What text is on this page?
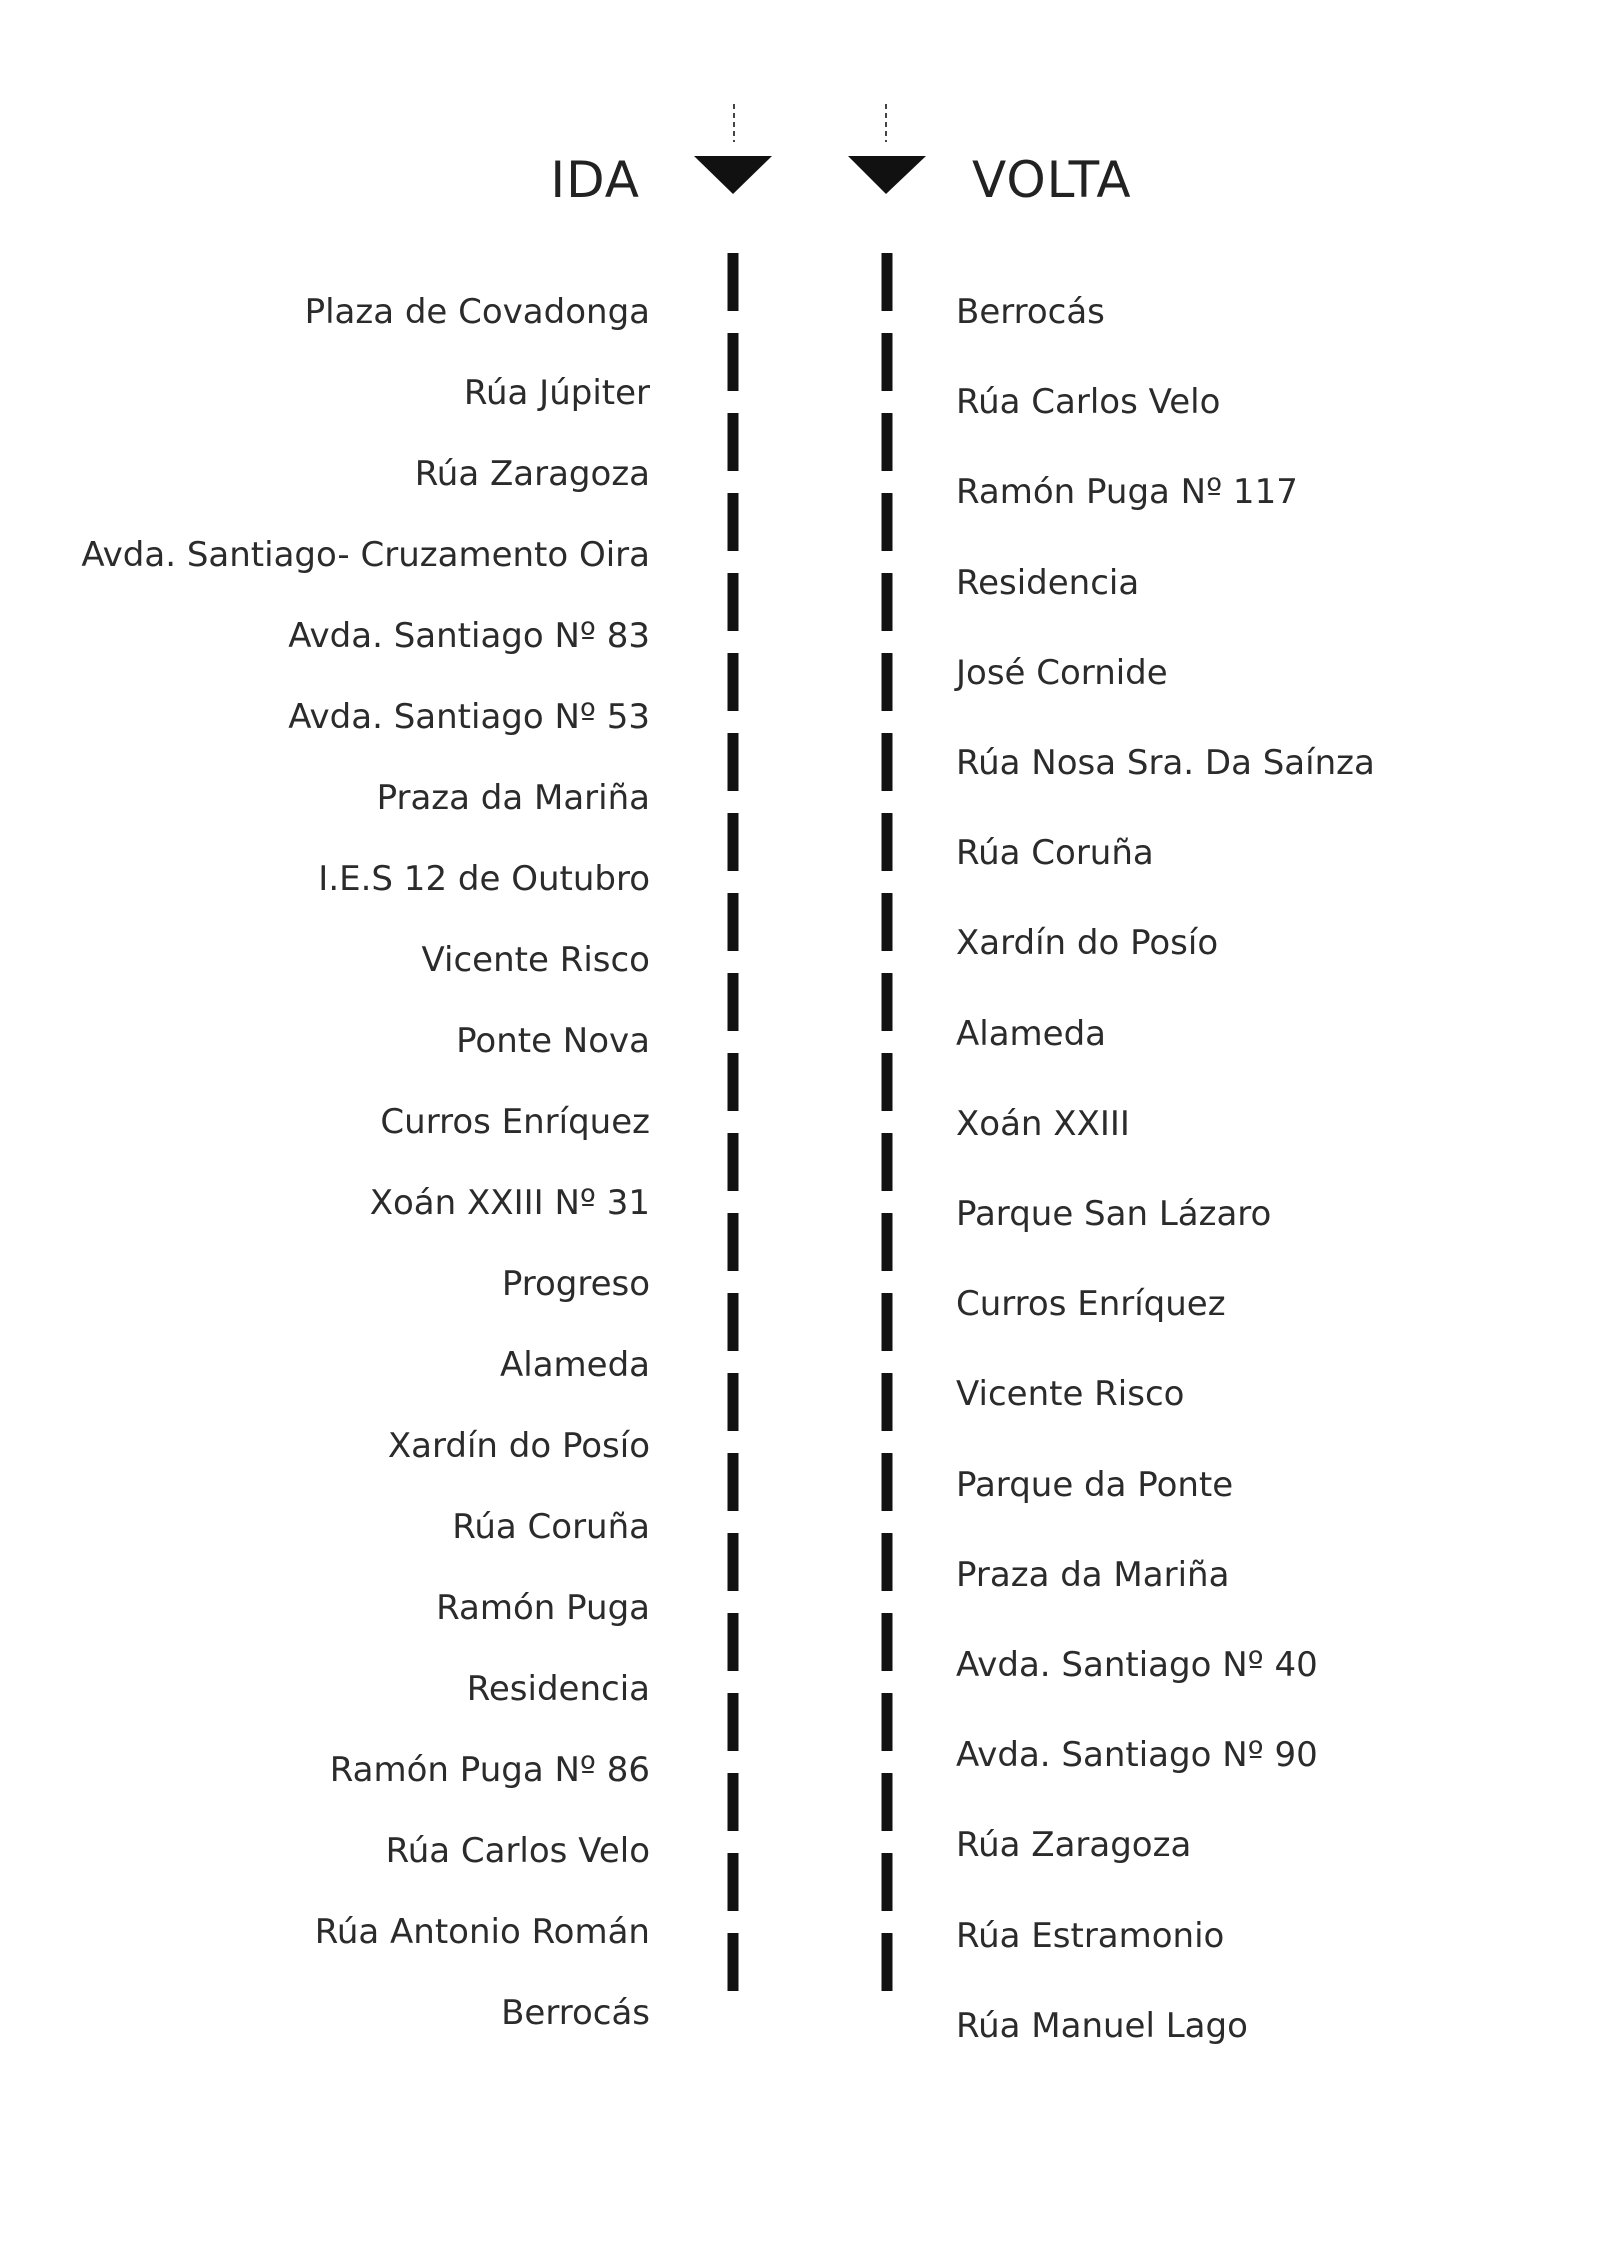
IDA	VOLTA
Plaza de Covadonga
Rúa Júpiter
Rúa Zaragoza
Avda. Santiago- Cruzamento Oira
Avda. Santiago Nº 83
Avda. Santiago Nº 53
Praza da Mariña
I.E.S 12 de Outubro
Vicente Risco
Ponte Nova
Curros Enríquez
Xoán XXIII Nº 31
Progreso
Alameda
Xardín do Posío
Rúa Coruña
Ramón Puga
Residencia
Ramón Puga Nº 86
Rúa Carlos Velo
Rúa Antonio Román
Berrocás
Berrocás
Rúa Carlos Velo
Ramón Puga Nº 117
Residencia
José Cornide
Rúa Nosa Sra. Da Saínza
Rúa Coruña
Xardín do Posío
Alameda
Xoán XXIII
Parque San Lázaro
Curros Enríquez
Vicente Risco
Parque da Ponte
Praza da Mariña
Avda. Santiago Nº 40
Avda. Santiago Nº 90
Rúa Zaragoza
Rúa Estramonio
Rúa Manuel Lago
